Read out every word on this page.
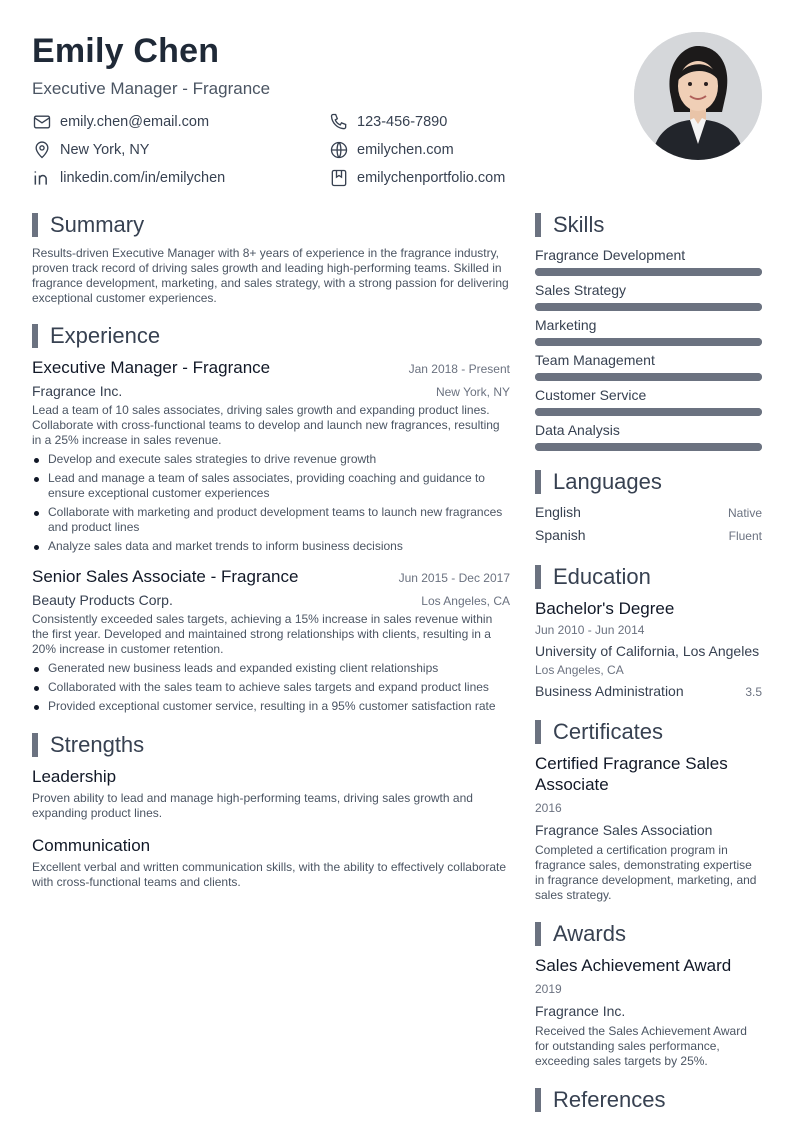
Emily Chen
Executive Manager - Fragrance
emily.chen@email.com	123-456-7890
New York, NY	emilychen.com
linkedin.com/in/emilychen	emilychenportfolio.com
Summary
Results-driven Executive Manager with 8+ years of experience in the fragrance industry, proven track record of driving sales growth and leading high-performing teams. Skilled in fragrance development, marketing, and sales strategy, with a strong passion for delivering exceptional customer experiences.
Experience
Executive Manager - Fragrance	Jan 2018 - Present
Fragrance Inc.	New York, NY
Lead a team of 10 sales associates, driving sales growth and expanding product lines. Collaborate with cross-functional teams to develop and launch new fragrances, resulting in a 25% increase in sales revenue.
Develop and execute sales strategies to drive revenue growth
Lead and manage a team of sales associates, providing coaching and guidance to ensure exceptional customer experiences
Collaborate with marketing and product development teams to launch new fragrances and product lines
Analyze sales data and market trends to inform business decisions
Senior Sales Associate - Fragrance	Jun 2015 - Dec 2017
Beauty Products Corp.	Los Angeles, CA
Consistently exceeded sales targets, achieving a 15% increase in sales revenue within the first year. Developed and maintained strong relationships with clients, resulting in a 20% increase in customer retention.
Generated new business leads and expanded existing client relationships
Collaborated with the sales team to achieve sales targets and expand product lines
Provided exceptional customer service, resulting in a 95% customer satisfaction rate
Strengths
Leadership
Proven ability to lead and manage high-performing teams, driving sales growth and expanding product lines.
Communication
Excellent verbal and written communication skills, with the ability to effectively collaborate with cross-functional teams and clients.
Skills
Fragrance Development
Sales Strategy
Marketing
Team Management
Customer Service
Data Analysis
Languages
English	Native
Spanish	Fluent
Education
Bachelor's Degree
Jun 2010 - Jun 2014
University of California, Los Angeles
Los Angeles, CA
Business Administration	3.5
Certificates
Certified Fragrance Sales Associate
2016
Fragrance Sales Association
Completed a certification program in fragrance sales, demonstrating expertise in fragrance development, marketing, and sales strategy.
Awards
Sales Achievement Award
2019
Fragrance Inc.
Received the Sales Achievement Award for outstanding sales performance, exceeding sales targets by 25%.
References
